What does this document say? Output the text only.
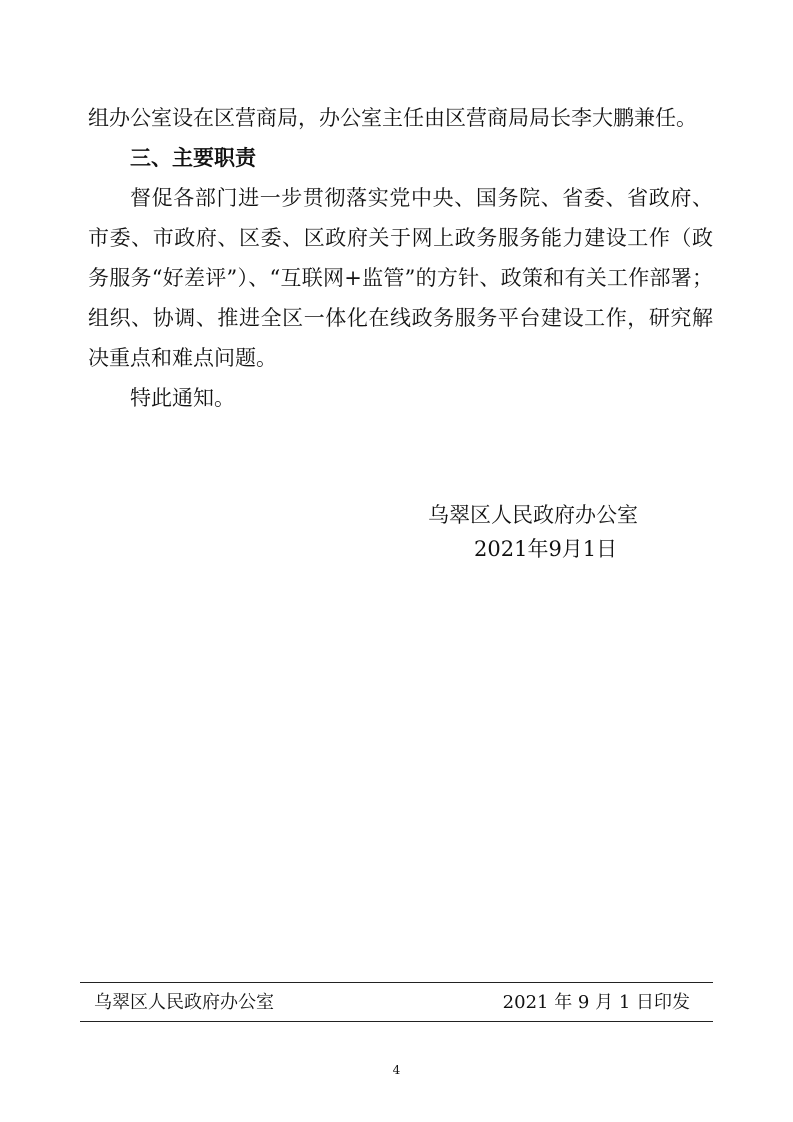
组办公室设在区营商局，办公室主任由区营商局局长李大鹏兼任。

三、主要职责

督促各部门进一步贯彻落实党中央、国务院、省委、省政府、市委、市政府、区委、区政府关于网上政务服务能力建设工作（政务服务“好差评”）、“互联网+监管”的方针、政策和有关工作部署；组织、协调、推进全区一体化在线政务服务平台建设工作，研究解决重点和难点问题。

特此通知。

乌翠区人民政府办公室
2021年9月1日
乌翠区人民政府办公室	2021 年 9 月 1 日印发
4
